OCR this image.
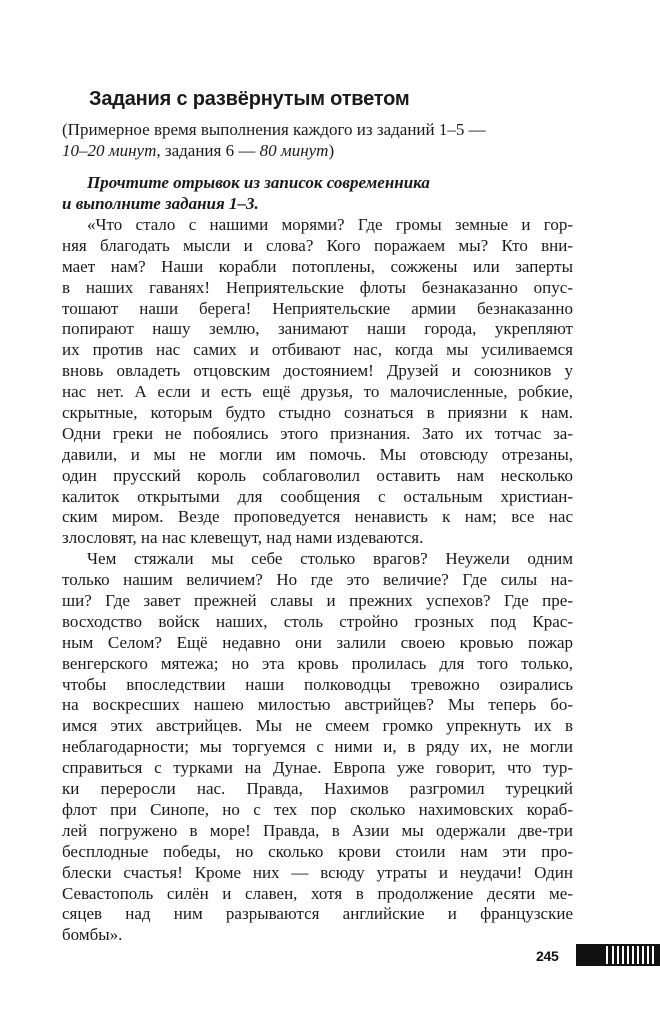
Задания с развёрнутым ответом
(Примерное время выполнения каждого из заданий 1–5 —
10–20 минут, задания 6 — 80 минут)
Прочтите отрывок из записок современника
и выполните задания 1–3.
«Что стало с нашими морями? Где громы земные и гор-
няя благодать мысли и слова? Кого поражаем мы? Кто вни-
мает нам? Наши корабли потоплены, сожжены или заперты
в наших гаванях! Неприятельские флоты безнаказанно опус-
тошают наши берега! Неприятельские армии безнаказанно
попирают нашу землю, занимают наши города, укрепляют
их против нас самих и отбивают нас, когда мы усиливаемся
вновь овладеть отцовским достоянием! Друзей и союзников у
нас нет. А если и есть ещё друзья, то малочисленные, робкие,
скрытные, которым будто стыдно сознаться в приязни к нам.
Одни греки не побоялись этого признания. Зато их тотчас за-
давили, и мы не могли им помочь. Мы отовсюду отрезаны,
один прусский король соблаговолил оставить нам несколько
калиток открытыми для сообщения с остальным христиан-
ским миром. Везде проповедуется ненависть к нам; все нас
злословят, на нас клевещут, над нами издеваются.
Чем стяжали мы себе столько врагов? Неужели одним
только нашим величием? Но где это величие? Где силы на-
ши? Где завет прежней славы и прежних успехов? Где пре-
восходство войск наших, столь стройно грозных под Крас-
ным Селом? Ещё недавно они залили своею кровью пожар
венгерского мятежа; но эта кровь пролилась для того только,
чтобы впоследствии наши полководцы тревожно озирались
на воскресших нашею милостью австрийцев? Мы теперь бо-
имся этих австрийцев. Мы не смеем громко упрекнуть их в
неблагодарности; мы торгуемся с ними и, в ряду их, не могли
справиться с турками на Дунае. Европа уже говорит, что тур-
ки переросли нас. Правда, Нахимов разгромил турецкий
флот при Синопе, но с тех пор сколько нахимовских кораб-
лей погружено в море! Правда, в Азии мы одержали две-три
бесплодные победы, но сколько крови стоили нам эти про-
блески счастья! Кроме них — всюду утраты и неудачи! Один
Севастополь силён и славен, хотя в продолжение десяти ме-
сяцев над ним разрываются английские и французские
бомбы».
245
